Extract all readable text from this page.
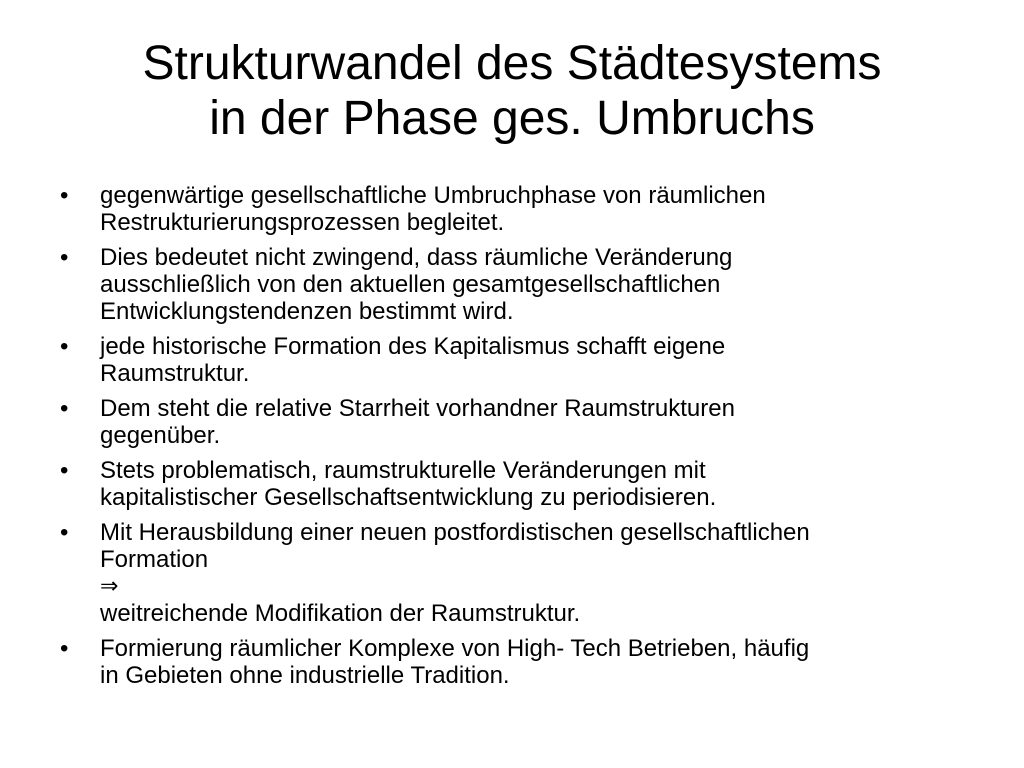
Strukturwandel des Städtesystems
in der Phase ges. Umbruchs
• gegenwärtige gesellschaftliche Umbruchphase von räumlichen
Restrukturierungsprozessen begleitet.
• Dies bedeutet nicht zwingend, dass räumliche Veränderung
ausschließlich von den aktuellen gesamtgesellschaftlichen
Entwicklungstendenzen bestimmt wird.
• jede historische Formation des Kapitalismus schafft eigene
Raumstruktur.
• Dem steht die relative Starrheit vorhandner Raumstrukturen
gegenüber.
• Stets problematisch, raumstrukturelle Veränderungen mit
kapitalistischer Gesellschaftsentwicklung zu periodisieren.
• Mit Herausbildung einer neuen postfordistischen gesellschaftlichen
Formation
⇒
weitreichende Modifikation der Raumstruktur.
• Formierung räumlicher Komplexe von High- Tech Betrieben, häufig
in Gebieten ohne industrielle Tradition.
